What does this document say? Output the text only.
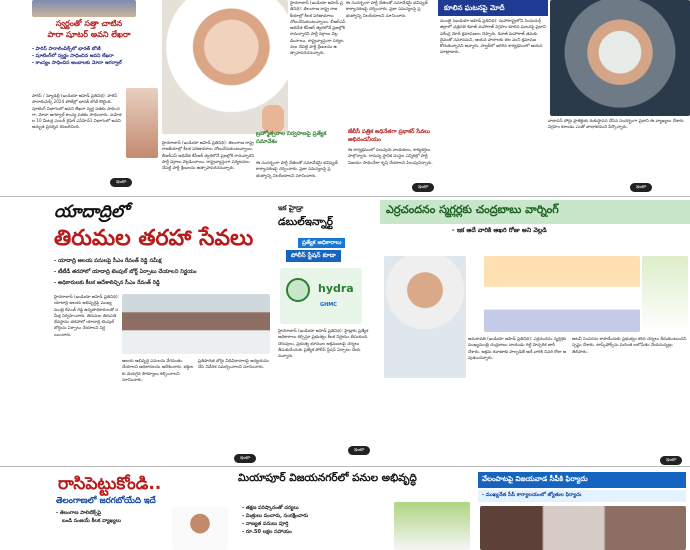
స్వర్ణంతో సత్తా చాటిన
పారా షూటర్ అవని లేఖరా
- పారిస్ పారాలింపిక్స్‌లో భారత్ బోణీ
- షూటింగ్‌లో స్వర్ణం సాధించిన అవని లేఖరా
- కాంస్యం సాధించిన అంబాలకు మోనా అగర్వాల్
పారిస్ / న్యూఢిల్లీ (ఇండియా అహెడ్ ప్రతినిధి): పారిస్ పారాలింపిక్స్ 2024 పోటీల్లో భారత్ బోణీ కొట్టింది. షూటింగ్ విభాగంలో అవని లేఖరా స్వర్ణ పతకం సాధించగా, మోనా అగర్వాల్ కాంస్య పతకం సాధించారు. మహిళల 10 మీటర్ల ఎయిర్ రైఫిల్ ఎస్‌హెచ్1 విభాగంలో అవని అద్భుత ప్రదర్శన కనబరిచింది.
ఇంకా
బ్రహ్మోత్సవాల నిర్వహణపై ప్రత్యేక సమావేశం
హైదరాబాద్ (ఇండియా అహెడ్ ప్రతినిధి): తెలంగాణ రాష్ట్ర రాజకీయాల్లో కీలక పరిణామాలు చోటుచేసుకుంటున్నాయి. బీఆర్ఎస్ అధినేత కేసీఆర్ త్వరలోనే ప్రజల్లోకి రానున్నారని పార్టీ వర్గాలు వెల్లడించాయి. రాష్ట్రవ్యాప్తంగా పర్యటనలు చేపట్టి పార్టీ శ్రేణులను ఉత్సాహపరచనున్నారు.
ఈ సందర్భంగా పార్టీ నేతలతో సమావేశమై భవిష్యత్ కార్యాచరణపై చర్చించారు. ప్రజా సమస్యలపై ప్రభుత్వాన్ని నిలదీయాలని సూచించారు.
హైదరాబాద్ (ఇండియా అహెడ్ ప్రతినిధి): తెలంగాణ రాష్ట్ర రాజకీయాల్లో కీలక పరిణామాలు చోటుచేసుకుంటున్నాయి. బీఆర్ఎస్ అధినేత కేసీఆర్ త్వరలోనే ప్రజల్లోకి రానున్నారని పార్టీ వర్గాలు వెల్లడించాయి. రాష్ట్రవ్యాప్తంగా పర్యటనలు చేపట్టి పార్టీ శ్రేణులను ఉత్సాహపరచనున్నారు.
ఈ సందర్భంగా పార్టీ నేతలతో సమావేశమై భవిష్యత్ కార్యాచరణపై చర్చించారు. ప్రజా సమస్యలపై ప్రభుత్వాన్ని నిలదీయాలని సూచించారు.
జేబీసీ పత్రిక అధినేతగా ప్రభాకర్ సేవలు అభినందనీయం
ఈ కార్యక్రమంలో పలువురు నాయకులు, కార్యకర్తలు పాల్గొన్నారు. రానున్న స్థానిక సంస్థల ఎన్నికల్లో పార్టీ విజయం సాధించేలా కృషి చేయాలని పిలుపునిచ్చారు.
ఇంకా
కూలిన ఘటనపై మోదీ
ముంబై (ఇండియా అహెడ్ ప్రతినిధి): మహారాష్ట్రలోని సింధుదుర్గ్ జిల్లాలో ఛత్రపతి శివాజీ మహారాజ్ విగ్రహం కూలిన ఘటనపై ప్రధాని నరేంద్ర మోదీ క్షమాపణలు చెప్పారు. శివాజీ మహారాజ్ తమకు దైవంతో సమానమని, ఆయన పాదాలకు తల వంచి క్షమాపణ కోరుతున్నానని అన్నారు. పాల్ఘర్‌లో జరిగిన కార్యక్రమంలో ఆయన మాట్లాడారు.
వాధావన్ పోర్టు ప్రాజెక్టుకు శంకుస్థాపన చేసిన సందర్భంగా ప్రధాని ఈ వ్యాఖ్యలు చేశారు. విగ్రహం కూలడం ఎంతో బాధాకరమని పేర్కొన్నారు.
ఇంకా
యాదాద్రిలో
తిరుమల తరహా సేవలు
- యాదాద్రి ఆలయ పనులపై సీఎం రేవంత్ రెడ్డి సమీక్ష
- టీటీడీ తరహాలో యాదాద్రి టెంపుల్ బోర్డ్ ఏర్పాటు చేయాలని నిర్ణయం
- అధికారులకు కీలక ఆదేశాలిచ్చిన సీఎం రేవంత్ రెడ్డి
హైదరాబాద్ (ఇండియా అహెడ్ ప్రతినిధి): యాదాద్రి ఆలయ అభివృద్ధిపై ముఖ్యమంత్రి రేవంత్ రెడ్డి ఉన్నతాధికారులతో సమీక్ష నిర్వహించారు. తిరుమల తిరుపతి దేవస్థానం తరహాలో యాదాద్రి టెంపుల్ బోర్డును ఏర్పాటు చేయాలని నిర్ణయించారు.
ఆలయ అభివృద్ధి పనులను వేగవంతం చేయాలని అధికారులను ఆదేశించారు. భక్తులకు మెరుగైన సౌకర్యాలు కల్పించాలని సూచించారు.
ప్రతిపాదిత బోర్డు విధివిధానాలపై అధ్యయనం చేసి నివేదిక సమర్పించాలని సూచించారు.
ఇంకా
ఇక హైడ్రా
డబుల్ఇన్నార్ట్
ప్రత్యేక అధికారాలు
పోలీస్ స్టేషన్ కూడా
hydra
GHMC
హైదరాబాద్ (ఇండియా అహెడ్ ప్రతినిధి): హైడ్రాకు ప్రత్యేక అధికారాలు కల్పిస్తూ ప్రభుత్వం కీలక నిర్ణయం తీసుకుంది. చెరువులు, ప్రభుత్వ భూముల ఆక్రమణలపై చర్యలు తీసుకునేందుకు ప్రత్యేక పోలీస్ స్టేషన్ ఏర్పాటు చేయనున్నారు.
ఇంకా
ఎర్రచందనం స్మగ్లర్లకు చంద్రబాబు వార్నింగ్
- ఇక అదే వారికి ఆఖరి రోజు అని వెల్లడి
అమరావతి (ఇండియా అహెడ్ ప్రతినిధి): ఎర్రచందనం స్మగ్లర్లకు ముఖ్యమంత్రి చంద్రబాబు నాయుడు గట్టి హెచ్చరిక జారీ చేశారు. అక్రమ రవాణాకు పాల్పడితే అదే వారికి చివరి రోజు అవుతుందన్నారు.
అటవీ సంపదను కాపాడేందుకు ప్రభుత్వం కఠిన చర్యలు తీసుకుంటుందని స్పష్టం చేశారు. టాస్క్‌ఫోర్స్‌ను మరింత బలోపేతం చేయనున్నట్లు తెలిపారు.
ఇంకా
రాసిపెట్టుకోండి..
తెలంగాణలో జరగబోయేది ఇదే
- తెలంగాణ పాలిటిక్స్‌పై
బండి సంజయ్ కీలక వ్యాఖ్యలు
మియాపూర్ విజయనగర్‌లో పనుల అభివృద్ధి
- తక్షణ పరిష్కారంతో చర్యలు
- మిత్రులు పంచారు, సంరక్షించారు
- నాణ్యత పనులు పూర్తి
- రూ.50 లక్షల సహాయం
వేలంపాటపై విజయవాడ సీపీకి ఫిర్యాదు
- ముఖ్యనేత సీపీ కార్యాలయంలో జ్యోతుల ఫిర్యాదు
